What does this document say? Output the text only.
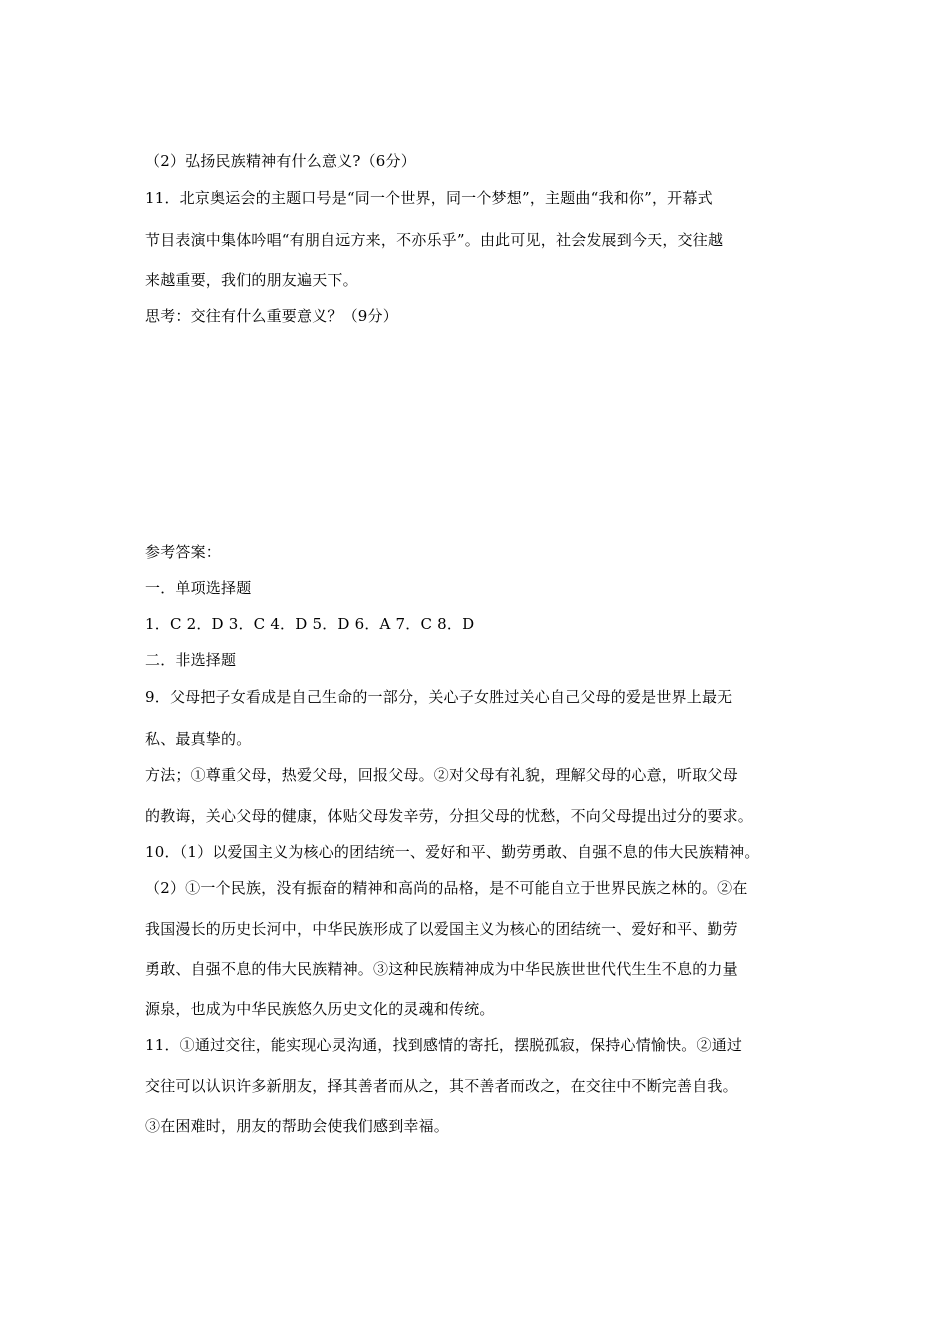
（2）弘扬民族精神有什么意义?（6分）
11．北京奥运会的主题口号是“同一个世界，同一个梦想”，主题曲“我和你”，开幕式
节目表演中集体吟唱“有朋自远方来，不亦乐乎”。由此可见，社会发展到今天，交往越
来越重要，我们的朋友遍天下。
思考：交往有什么重要意义？（9分）
参考答案：
一．单项选择题
1．C 2．D 3．C 4．D 5．D 6．A 7．C 8．D
二．非选择题
9．父母把子女看成是自己生命的一部分，关心子女胜过关心自己父母的爱是世界上最无
私、最真挚的。
方法；①尊重父母，热爱父母，回报父母。②对父母有礼貌，理解父母的心意，听取父母
的教诲，关心父母的健康，体贴父母发辛劳，分担父母的忧愁，不向父母提出过分的要求。
10．（1）以爱国主义为核心的团结统一、爱好和平、勤劳勇敢、自强不息的伟大民族精神。
（2）①一个民族，没有振奋的精神和高尚的品格，是不可能自立于世界民族之林的。②在
我国漫长的历史长河中，中华民族形成了以爱国主义为核心的团结统一、爱好和平、勤劳
勇敢、自强不息的伟大民族精神。③这种民族精神成为中华民族世世代代生生不息的力量
源泉，也成为中华民族悠久历史文化的灵魂和传统。
11．①通过交往，能实现心灵沟通，找到感情的寄托，摆脱孤寂，保持心情愉快。②通过
交往可以认识许多新朋友，择其善者而从之，其不善者而改之，在交往中不断完善自我。
③在困难时，朋友的帮助会使我们感到幸福。
